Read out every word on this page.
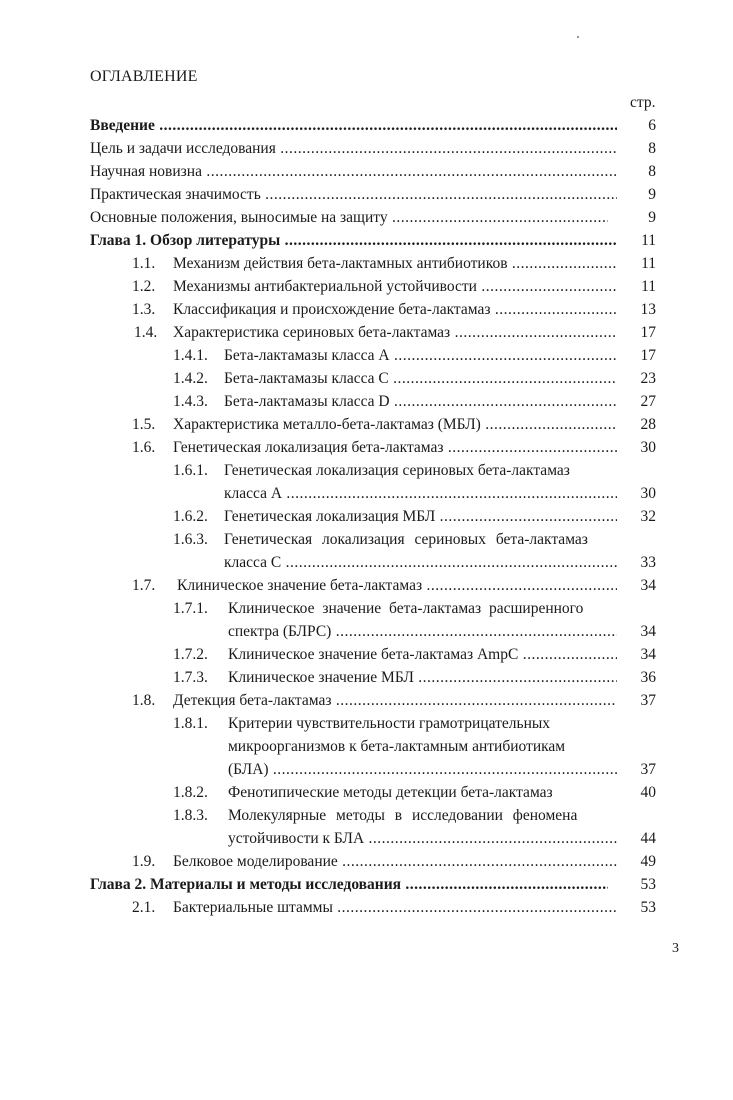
ОГЛАВЛЕНИЕ
стр.
Введение .....	6
Цель и задачи исследования .....	8
Научная новизна .....	8
Практическая значимость .....	9
Основные положения, выносимые на защиту .....	9
Глава 1. Обзор литературы .....	11
1.1. Механизм действия бета-лактамных антибиотиков .....	11
1.2. Механизмы антибактериальной устойчивости .....	11
1.3. Классификация и происхождение бета-лактамаз .....	13
1.4. Характеристика сериновых бета-лактамаз .....	17
1.4.1. Бета-лактамазы класса А .....	17
1.4.2. Бета-лактамазы класса С .....	23
1.4.3. Бета-лактамазы класса D .....	27
1.5. Характеристика металло-бета-лактамаз (МБЛ) .....	28
1.6. Генетическая локализация бета-лактамаз .....	30
1.6.1. Генетическая локализация сериновых бета-лактамаз
класса А .....	30
1.6.2. Генетическая локализация МБЛ .....	32
1.6.3. Генетическая локализация сериновых бета-лактамаз
класса С .....	33
1.7. Клиническое значение бета-лактамаз .....	34
1.7.1. Клиническое значение бета-лактамаз расширенного
спектра (БЛРС) .....	34
1.7.2. Клиническое значение бета-лактамаз AmpC .....	34
1.7.3. Клиническое значение МБЛ .....	36
1.8. Детекция бета-лактамаз .....	37
1.8.1. Критерии чувствительности грамотрицательных
микроорганизмов к бета-лактамным антибиотикам
(БЛА) .....	37
1.8.2. Фенотипические методы детекции бета-лактамаз	40
1.8.3. Молекулярные методы в исследовании феномена
устойчивости к БЛА .....	44
1.9. Белковое моделирование .....	49
Глава 2. Материалы и методы исследования .....	53
2.1. Бактериальные штаммы .....	53
3
